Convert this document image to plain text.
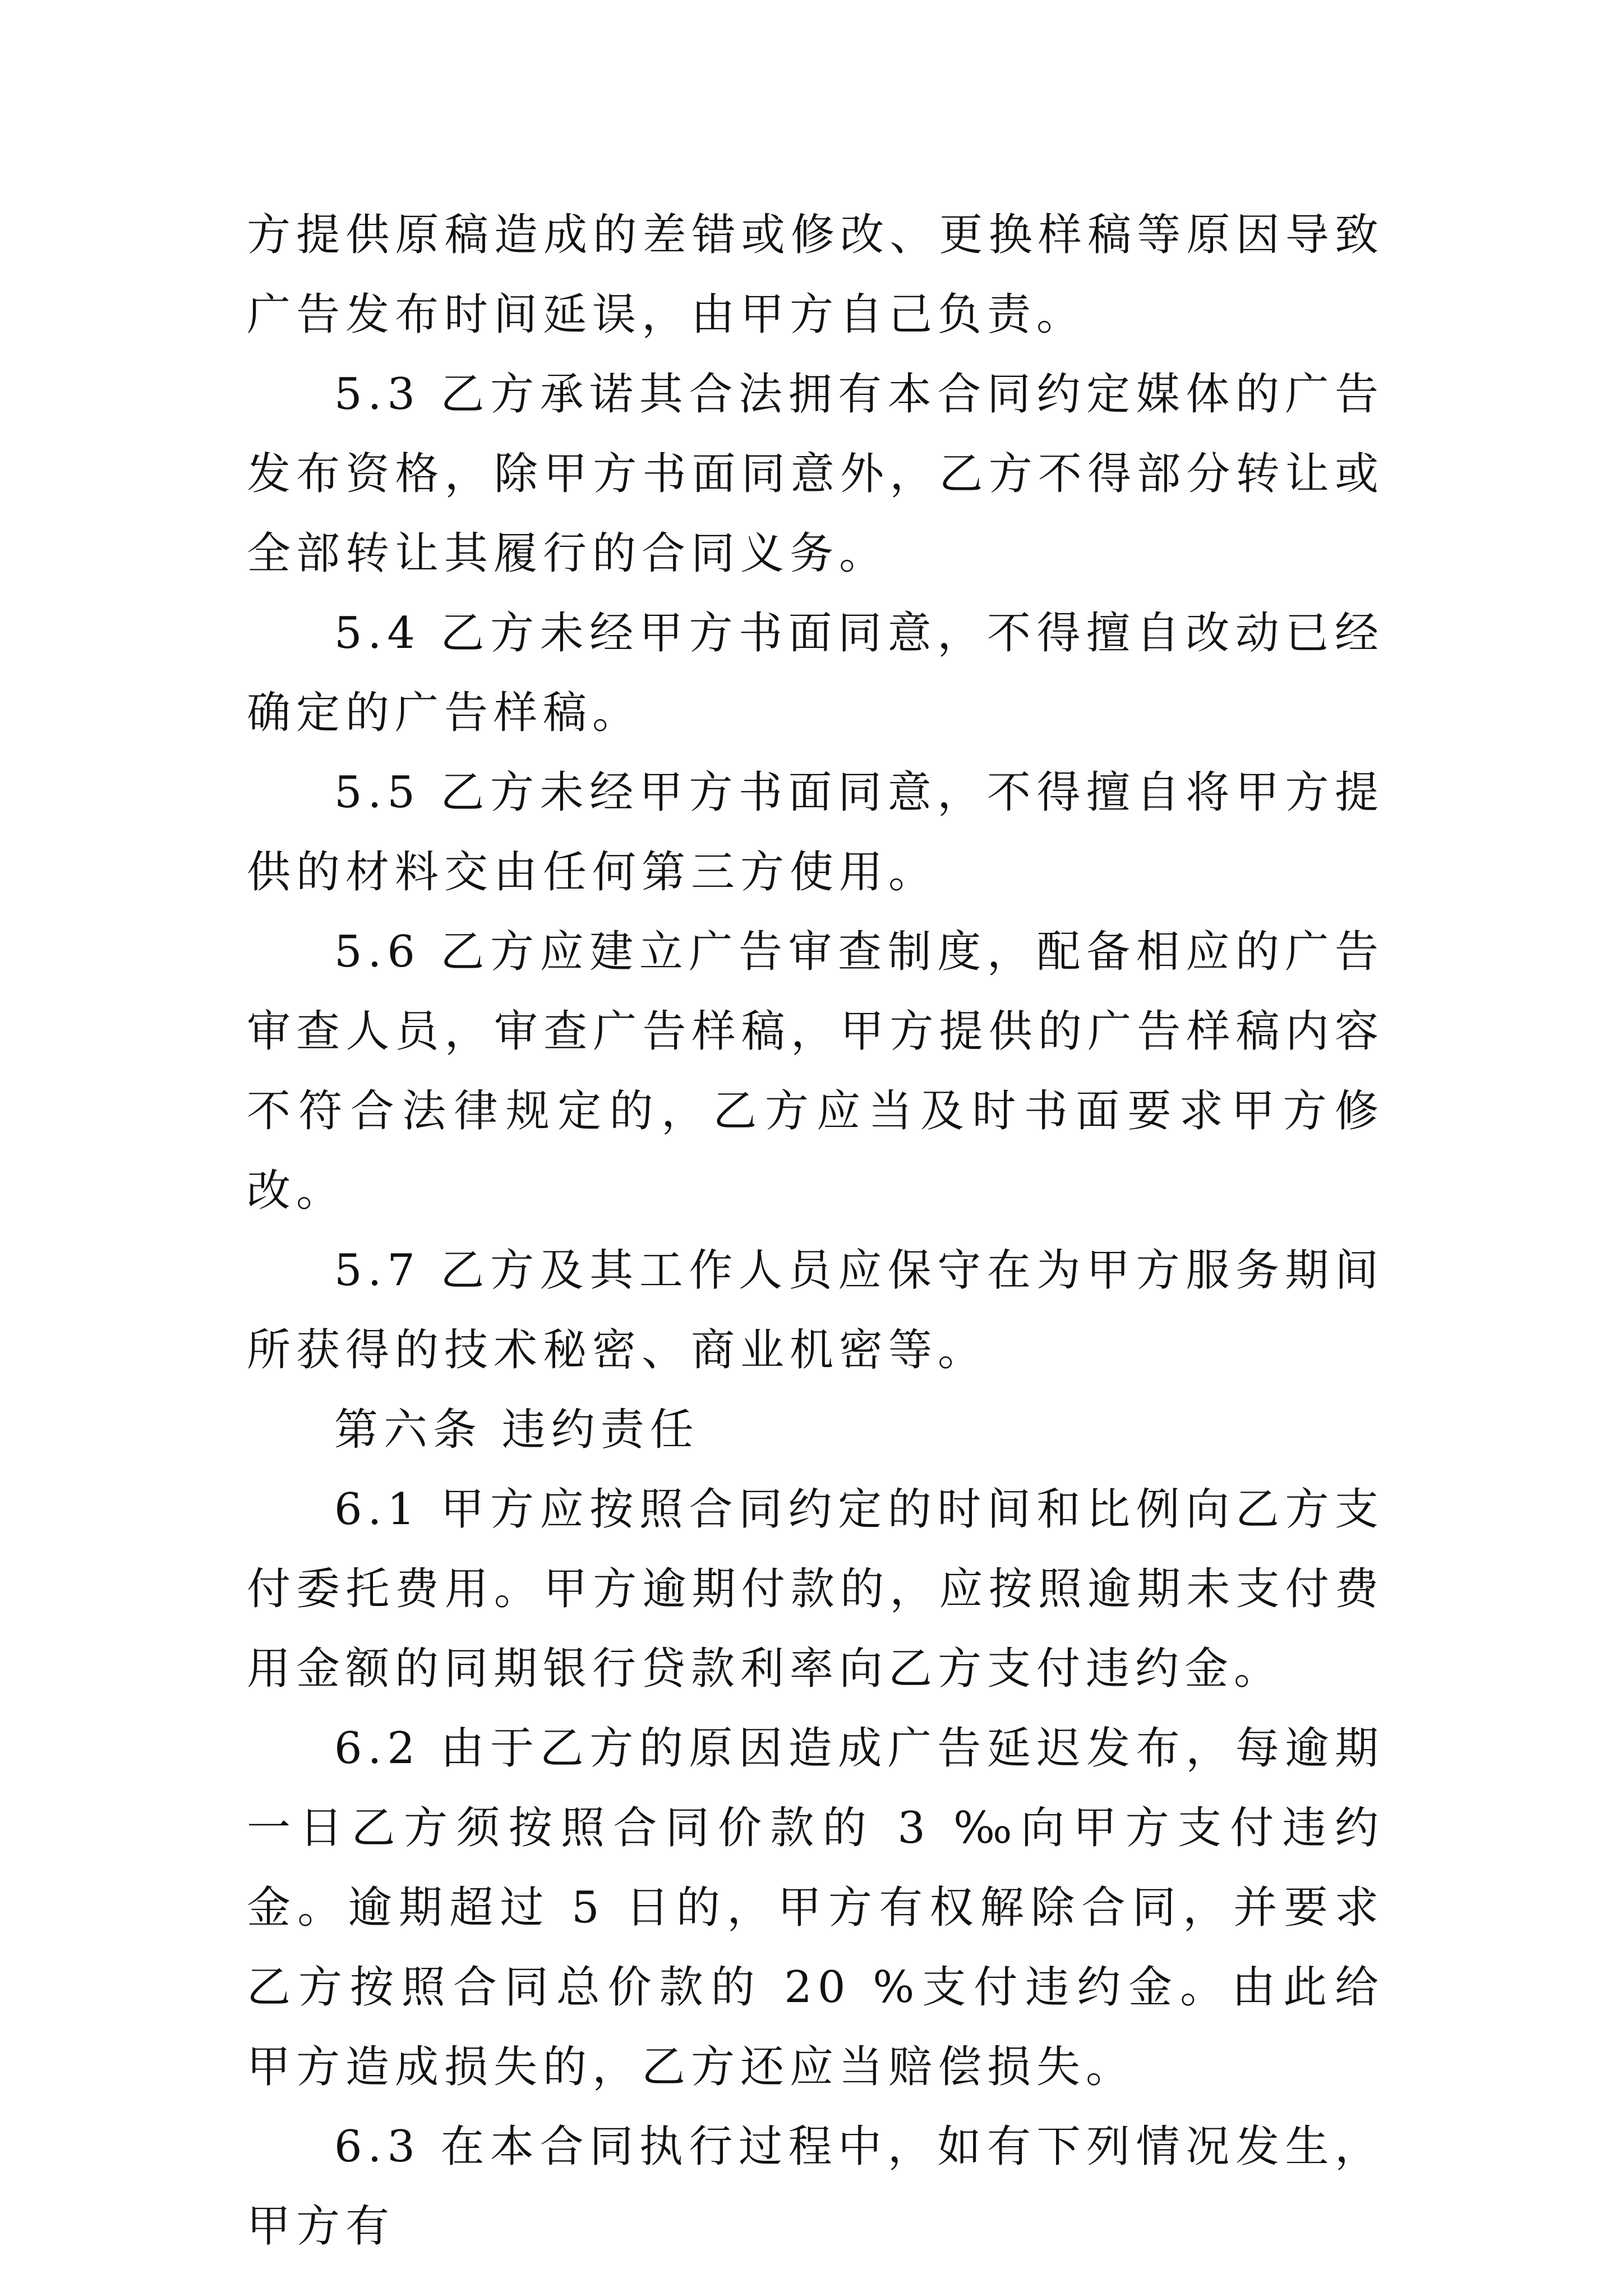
方提供原稿造成的差错或修改、更换样稿等原因导致广告发布时间延误，由甲方自己负责。

5.3 乙方承诺其合法拥有本合同约定媒体的广告发布资格，除甲方书面同意外，乙方不得部分转让或全部转让其履行的合同义务。

5.4 乙方未经甲方书面同意，不得擅自改动已经确定的广告样稿。

5.5 乙方未经甲方书面同意，不得擅自将甲方提供的材料交由任何第三方使用。

5.6 乙方应建立广告审查制度，配备相应的广告审查人员，审查广告样稿，甲方提供的广告样稿内容不符合法律规定的，乙方应当及时书面要求甲方修改。

5.7 乙方及其工作人员应保守在为甲方服务期间所获得的技术秘密、商业机密等。

第六条 违约责任

6.1 甲方应按照合同约定的时间和比例向乙方支付委托费用。甲方逾期付款的，应按照逾期未支付费用金额的同期银行贷款利率向乙方支付违约金。

6.2 由于乙方的原因造成广告延迟发布，每逾期一日乙方须按照合同价款的 3 ‰向甲方支付违约金。逾期超过 5 日的，甲方有权解除合同，并要求乙方按照合同总价款的 20 %支付违约金。由此给甲方造成损失的，乙方还应当赔偿损失。

6.3 在本合同执行过程中，如有下列情况发生，甲方有
